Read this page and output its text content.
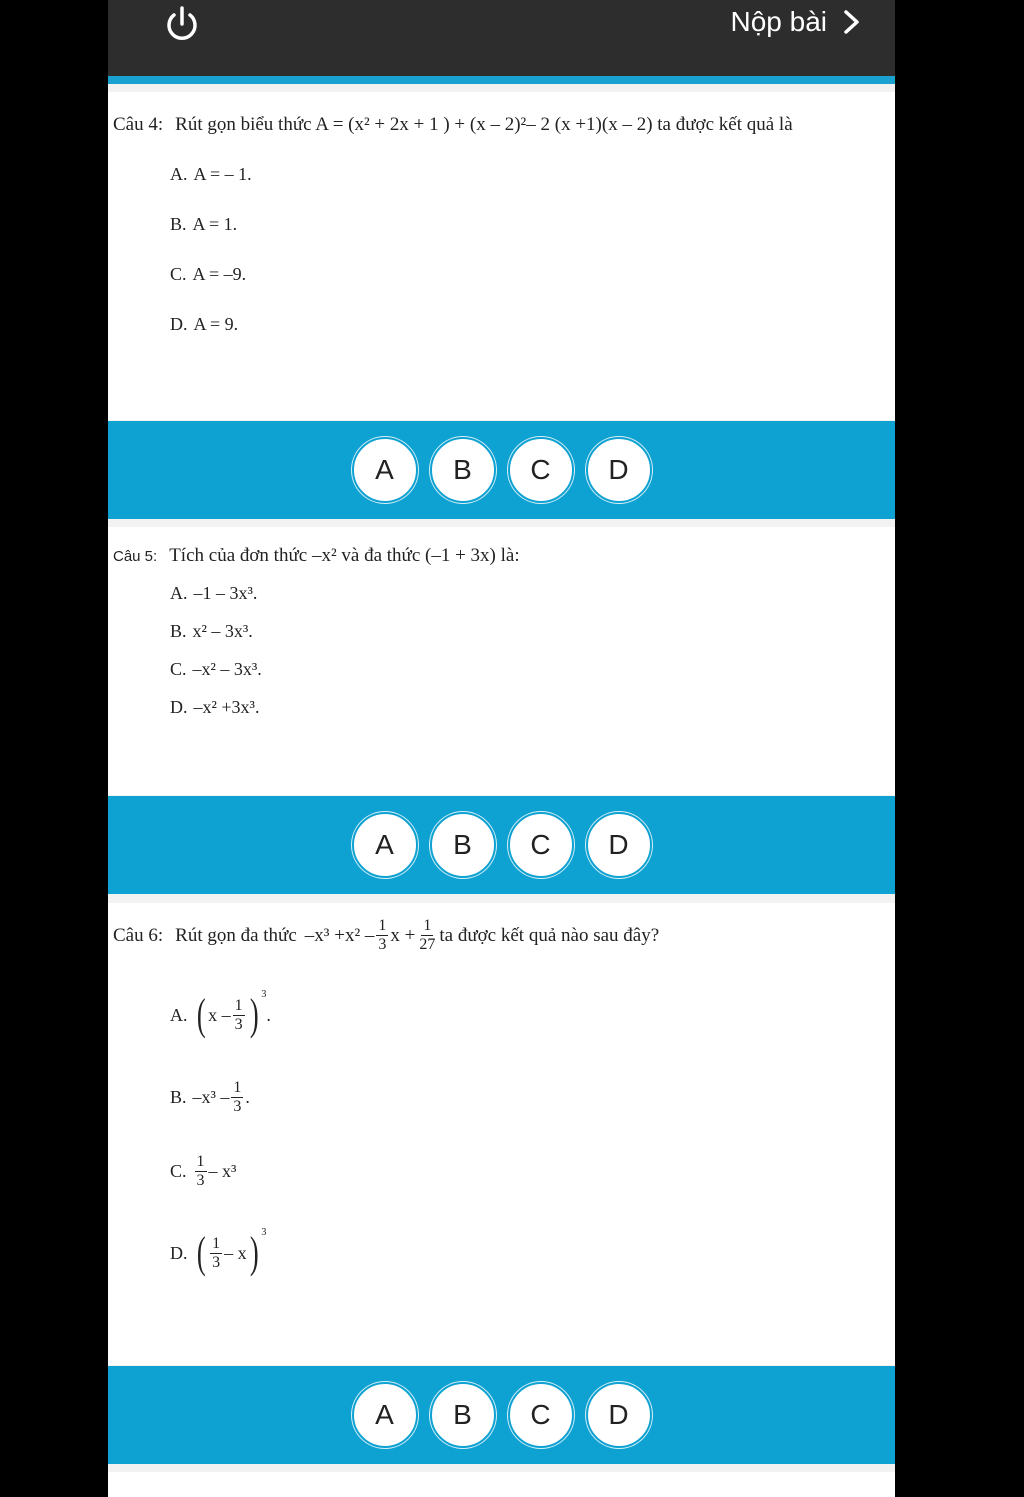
Nộp bài
Câu 4: Rút gọn biểu thức A = (x² + 2x + 1 ) + (x – 2)²– 2 (x +1)(x – 2) ta được kết quả là
A. A = – 1.
B. A = 1.
C. A = –9.
D. A = 9.
A	B	C	D
Câu 5: Tích của đơn thức –x² và đa thức (–1 + 3x) là:
A. –1 – 3x³.
B. x² – 3x³.
C. –x² – 3x³.
D. –x² +3x³.
A	B	C	D
Câu 6: Rút gọn đa thức $-x^3 +x^2 - \frac{1}{3}$ $x + \frac{1}{27}$ ta được kết quả nào sau đây?
A. ( x – $\frac{1}{3}$ ) 3
.
B. $-x^3 - \frac{1}{3}$ .
C. $\frac{1}{3} - x^3$
D. ( $\frac{1}{3}$ – x ) 3
A	B	C	D
